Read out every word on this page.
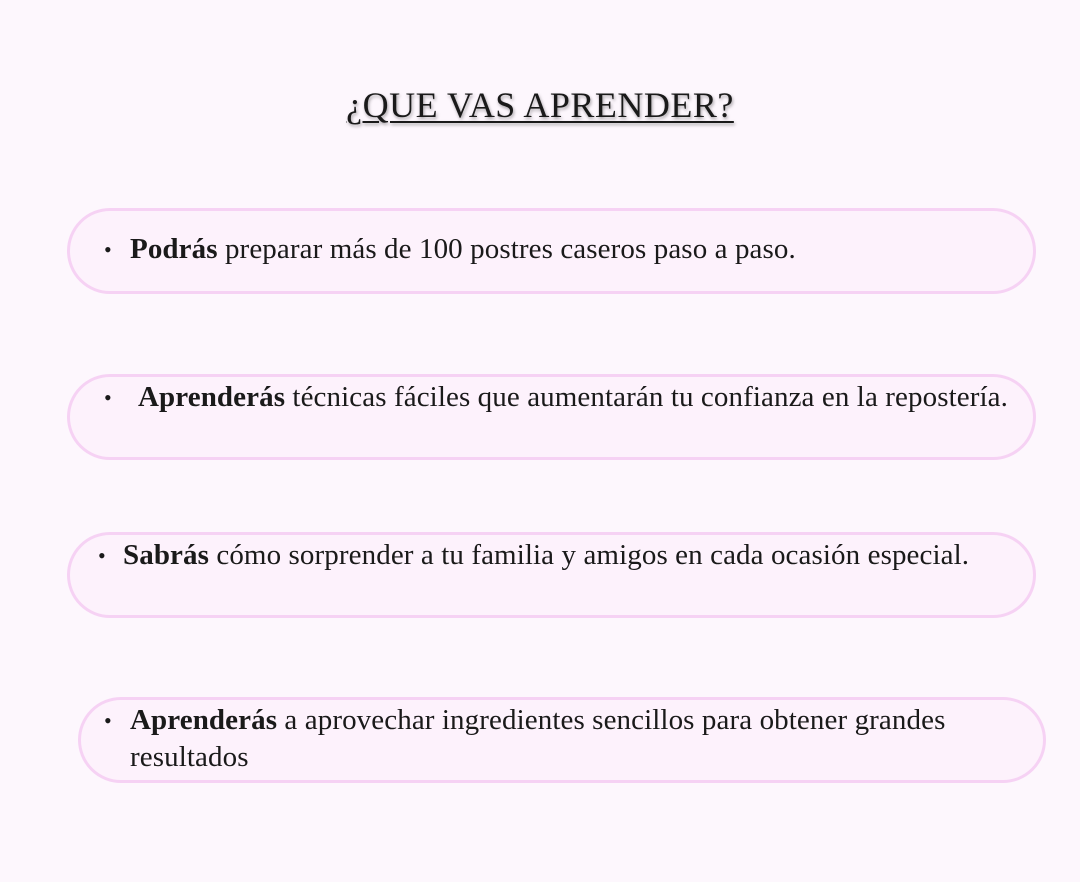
¿QUE VAS APRENDER?
• Podrás preparar más de 100 postres caseros paso a paso.
• Aprenderás técnicas fáciles que aumentarán tu confianza en la repostería.
• Sabrás cómo sorprender a tu familia y amigos en cada ocasión especial.
• Aprenderás a aprovechar ingredientes sencillos para obtener grandes resultados
